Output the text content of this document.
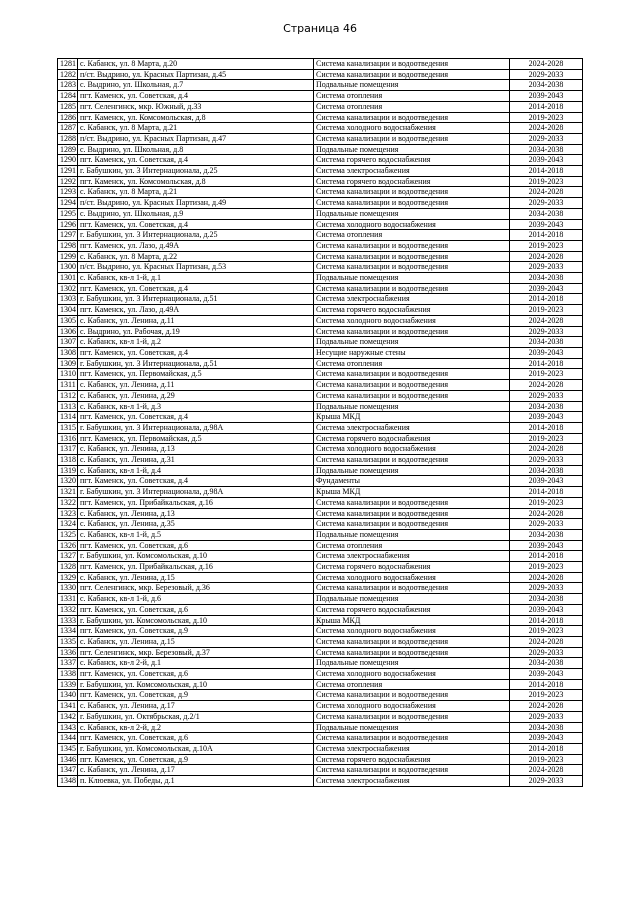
Страница 46
1281	с. Кабанск, ул. 8 Марта, д.20	Система канализации и водоотведения	2024-2028
1282	п/ст. Выдрино, ул. Красных Партизан, д.45	Система канализации и водоотведения	2029-2033
1283	с. Выдрино, ул. Школьная, д.7	Подвальные помещения	2034-2038
1284	пгт. Каменск, ул. Советская, д.4	Система отопления	2039-2043
1285	пгт. Селенгинск, мкр. Южный, д.33	Система отопления	2014-2018
1286	пгт. Каменск, ул. Комсомольская, д.8	Система канализации и водоотведения	2019-2023
1287	с. Кабанск, ул. 8 Марта, д.21	Система холодного водоснабжения	2024-2028
1288	п/ст. Выдрино, ул. Красных Партизан, д.47	Система канализации и водоотведения	2029-2033
1289	с. Выдрино, ул. Школьная, д.8	Подвальные помещения	2034-2038
1290	пгт. Каменск, ул. Советская, д.4	Система горячего водоснабжения	2039-2043
1291	г. Бабушкин, ул. 3 Интернационала, д.25	Система электроснабжения	2014-2018
1292	пгт. Каменск, ул. Комсомольская, д.8	Система горячего водоснабжения	2019-2023
1293	с. Кабанск, ул. 8 Марта, д.21	Система канализации и водоотведения	2024-2028
1294	п/ст. Выдрино, ул. Красных Партизан, д.49	Система канализации и водоотведения	2029-2033
1295	с. Выдрино, ул. Школьная, д.9	Подвальные помещения	2034-2038
1296	пгт. Каменск, ул. Советская, д.4	Система холодного водоснабжения	2039-2043
1297	г. Бабушкин, ул. 3 Интернационала, д.25	Система отопления	2014-2018
1298	пгт. Каменск, ул. Лазо, д.49А	Система канализации и водоотведения	2019-2023
1299	с. Кабанск, ул. 8 Марта, д.22	Система канализации и водоотведения	2024-2028
1300	п/ст. Выдрино, ул. Красных Партизан, д.53	Система канализации и водоотведения	2029-2033
1301	с. Кабанск, кв-л 1-й, д.1	Подвальные помещения	2034-2038
1302	пгт. Каменск, ул. Советская, д.4	Система канализации и водоотведения	2039-2043
1303	г. Бабушкин, ул. 3 Интернационала, д.51	Система электроснабжения	2014-2018
1304	пгт. Каменск, ул. Лазо, д.49А	Система горячего водоснабжения	2019-2023
1305	с. Кабанск, ул. Ленина, д.11	Система холодного водоснабжения	2024-2028
1306	с. Выдрино, ул. Рабочая, д.19	Система канализации и водоотведения	2029-2033
1307	с. Кабанск, кв-л 1-й, д.2	Подвальные помещения	2034-2038
1308	пгт. Каменск, ул. Советская, д.4	Несущие наружные стены	2039-2043
1309	г. Бабушкин, ул. 3 Интернационала, д.51	Система отопления	2014-2018
1310	пгт. Каменск, ул. Первомайская, д.5	Система канализации и водоотведения	2019-2023
1311	с. Кабанск, ул. Ленина, д.11	Система канализации и водоотведения	2024-2028
1312	с. Кабанск, ул. Ленина, д.29	Система канализации и водоотведения	2029-2033
1313	с. Кабанск, кв-л 1-й, д.3	Подвальные помещения	2034-2038
1314	пгт. Каменск, ул. Советская, д.4	Крыша МКД	2039-2043
1315	г. Бабушкин, ул. 3 Интернационала, д.98А	Система электроснабжения	2014-2018
1316	пгт. Каменск, ул. Первомайская, д.5	Система горячего водоснабжения	2019-2023
1317	с. Кабанск, ул. Ленина, д.13	Система холодного водоснабжения	2024-2028
1318	с. Кабанск, ул. Ленина, д.31	Система канализации и водоотведения	2029-2033
1319	с. Кабанск, кв-л 1-й, д.4	Подвальные помещения	2034-2038
1320	пгт. Каменск, ул. Советская, д.4	Фундаменты	2039-2043
1321	г. Бабушкин, ул. 3 Интернационала, д.98А	Крыша МКД	2014-2018
1322	пгт. Каменск, ул. Прибайкальская, д.16	Система канализации и водоотведения	2019-2023
1323	с. Кабанск, ул. Ленина, д.13	Система канализации и водоотведения	2024-2028
1324	с. Кабанск, ул. Ленина, д.35	Система канализации и водоотведения	2029-2033
1325	с. Кабанск, кв-л 1-й, д.5	Подвальные помещения	2034-2038
1326	пгт. Каменск, ул. Советская, д.6	Система отопления	2039-2043
1327	г. Бабушкин, ул. Комсомольская, д.10	Система электроснабжения	2014-2018
1328	пгт. Каменск, ул. Прибайкальская, д.16	Система горячего водоснабжения	2019-2023
1329	с. Кабанск, ул. Ленина, д.15	Система холодного водоснабжения	2024-2028
1330	пгт. Селенгинск, мкр. Березовый, д.36	Система канализации и водоотведения	2029-2033
1331	с. Кабанск, кв-л 1-й, д.6	Подвальные помещения	2034-2038
1332	пгт. Каменск, ул. Советская, д.6	Система горячего водоснабжения	2039-2043
1333	г. Бабушкин, ул. Комсомольская, д.10	Крыша МКД	2014-2018
1334	пгт. Каменск, ул. Советская, д.9	Система холодного водоснабжения	2019-2023
1335	с. Кабанск, ул. Ленина, д.15	Система канализации и водоотведения	2024-2028
1336	пгт. Селенгинск, мкр. Березовый, д.37	Система канализации и водоотведения	2029-2033
1337	с. Кабанск, кв-л 2-й, д.1	Подвальные помещения	2034-2038
1338	пгт. Каменск, ул. Советская, д.6	Система холодного водоснабжения	2039-2043
1339	г. Бабушкин, ул. Комсомольская, д.10	Система отопления	2014-2018
1340	пгт. Каменск, ул. Советская, д.9	Система канализации и водоотведения	2019-2023
1341	с. Кабанск, ул. Ленина, д.17	Система холодного водоснабжения	2024-2028
1342	г. Бабушкин, ул. Октябрьская, д.2/1	Система канализации и водоотведения	2029-2033
1343	с. Кабанск, кв-л 2-й, д.2	Подвальные помещения	2034-2038
1344	пгт. Каменск, ул. Советская, д.6	Система канализации и водоотведения	2039-2043
1345	г. Бабушкин, ул. Комсомольская, д.10А	Система электроснабжения	2014-2018
1346	пгт. Каменск, ул. Советская, д.9	Система горячего водоснабжения	2019-2023
1347	с. Кабанск, ул. Ленина, д.17	Система канализации и водоотведения	2024-2028
1348	п. Клюевка, ул. Победы, д.1	Система электроснабжения	2029-2033
